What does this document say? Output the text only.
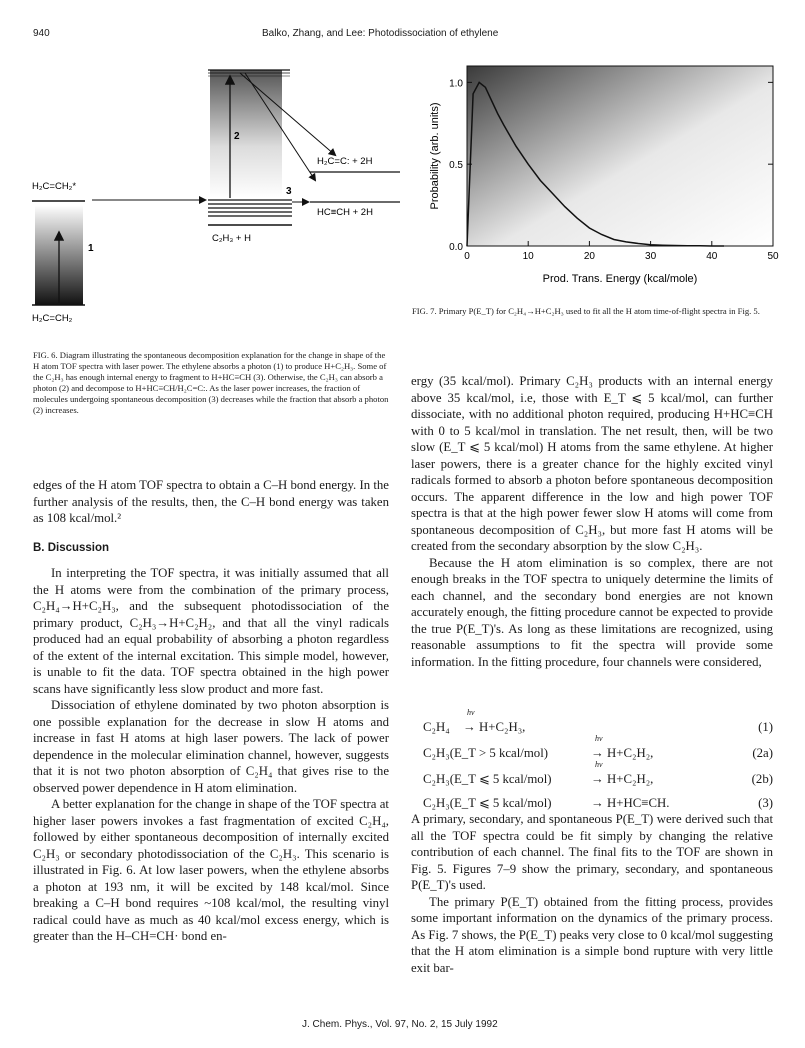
940	Balko, Zhang, and Lee: Photodissociation of ethylene
H₂C=CH₂*
H₂C=CH₂
C₂H₃ + H
H₂C=C: + 2H
HC≡CH + 2H
1
2
3
FIG. 6. Diagram illustrating the spontaneous decomposition explanation for the change in shape of the H atom TOF spectra with laser power. The ethylene absorbs a photon (1) to produce H+C₂H₃. Some of the C₂H₃ has enough internal energy to fragment to H+HC≡CH (3). Otherwise, the C₂H₃ can absorb a photon (2) and decompose to H+HC≡CH/H₂C=C:. As the laser power increases, the fraction of molecules undergoing spontaneous decomposition (3) decreases while the fraction that absorb a photon (2) increases.
0	10	20	30	40	50
0.0
0.5
1.0
Prod. Trans. Energy (kcal/mole)
Probability (arb. units)
FIG. 7. Primary P(E_T) for C₂H₄→H+C₂H₃ used to fit all the H atom time-of-flight spectra in Fig. 5.

edges of the H atom TOF spectra to obtain a C–H bond energy. In the further analysis of the results, then, the C–H bond energy was taken as 108 kcal/mol.²

B. Discussion

In interpreting the TOF spectra, it was initially assumed that all the H atoms were from the combination of the primary process, C₂H₄→H+C₂H₃, and the subsequent photodissociation of the primary product, C₂H₃→H+C₂H₂, and that all the vinyl radicals produced had an equal probability of absorbing a photon regardless of the extent of the internal excitation. This simple model, however, is unable to fit the data. TOF spectra obtained in the high power scans have significantly less slow product and more fast.

Dissociation of ethylene dominated by two photon absorption is one possible explanation for the decrease in slow H atoms and increase in fast H atoms at high laser powers. The lack of power dependence in the molecular elimination channel, however, suggests that it is not two photon absorption of C₂H₄ that gives rise to the observed power dependence in H atom elimination.

A better explanation for the change in shape of the TOF spectra at higher laser powers invokes a fast fragmentation of excited C₂H₄, followed by either spontaneous decomposition of internally excited C₂H₃ or secondary photodissociation of the C₂H₃. This scenario is illustrated in Fig. 6. At low laser powers, when the ethylene absorbs a photon at 193 nm, it will be excited by 148 kcal/mol. Since breaking a C–H bond requires ~108 kcal/mol, the resulting vinyl radical could have as much as 40 kcal/mol excess energy, which is greater than the H–CH=CH· bond en-

ergy (35 kcal/mol). Primary C₂H₃ products with an internal energy above 35 kcal/mol, i.e, those with E_T ⩽ 5 kcal/mol, can further dissociate, with no additional photon required, producing H+HC≡CH with 0 to 5 kcal/mol in translation. The net result, then, will be two slow (E_T ⩽ 5 kcal/mol) H atoms from the same ethylene. At higher laser powers, there is a greater chance for the highly excited vinyl radicals formed to absorb a photon before spontaneous decomposition occurs. The apparent difference in the low and high power TOF spectra is that at the high power fewer slow H atoms will come from spontaneous decomposition of C₂H₃, but more fast H atoms will be created from the secondary absorption by the slow C₂H₃.

Because the H atom elimination is so complex, there are not enough breaks in the TOF spectra to uniquely determine the limits of each channel, and the secondary bond energies are not known accurately enough, the fitting procedure cannot be expected to provide the true P(E_T)'s. As long as these limitations are recognized, using reasonable assumptions to fit the spectra will provide some information. In the fitting procedure, four channels were considered,

hν
C₂H₄ → H+C₂H₃,	(1)
hν
C₂H₃(E_T > 5 kcal/mol)	→ H+C₂H₂,	(2a)
hν
C₂H₃(E_T ⩽ 5 kcal/mol)	→ H+C₂H₂,	(2b)
C₂H₃(E_T ⩽ 5 kcal/mol)	→ H+HC≡CH.	(3)

A primary, secondary, and spontaneous P(E_T) were derived such that all the TOF spectra could be fit simply by changing the relative contribution of each channel. The final fits to the TOF are shown in Fig. 5. Figures 7–9 show the primary, secondary, and spontaneous P(E_T)'s used.

The primary P(E_T) obtained from the fitting process, provides some important information on the dynamics of the primary process. As Fig. 7 shows, the P(E_T) peaks very close to 0 kcal/mol suggesting that the H atom elimination is a simple bond rupture with very little exit bar-

J. Chem. Phys., Vol. 97, No. 2, 15 July 1992
